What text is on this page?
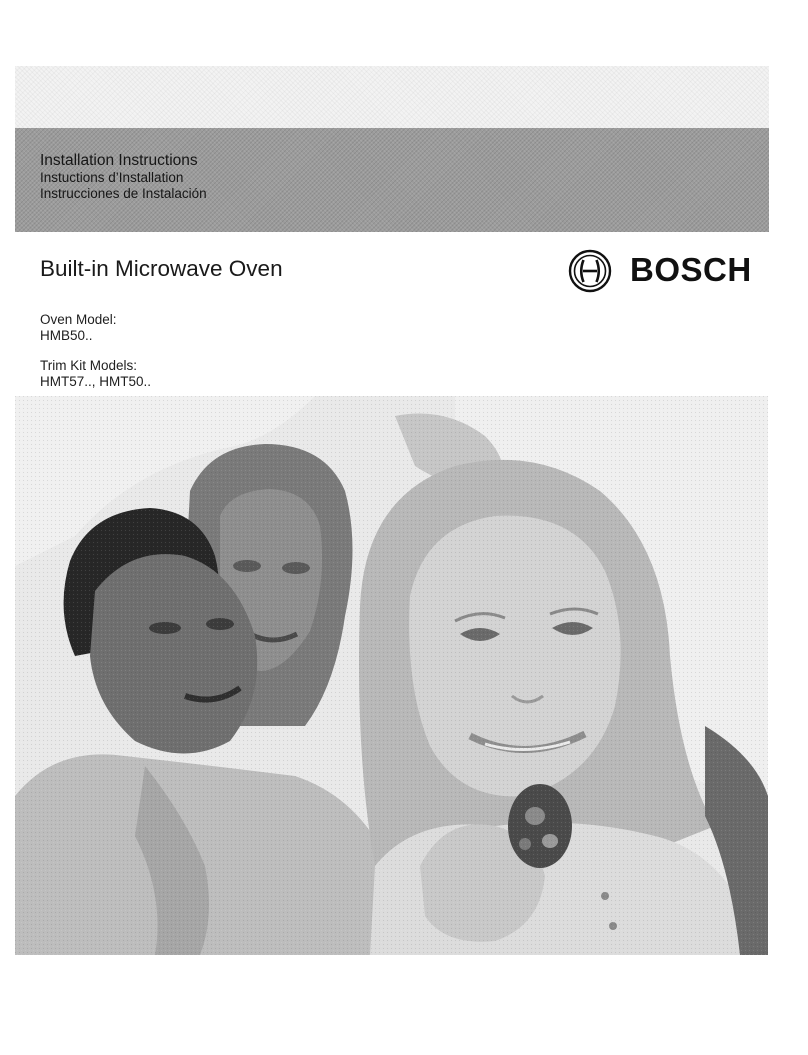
Installation Instructions

Instuctions d’Installation

Instrucciones de Instalación

Built-in Microwave Oven	BOSCH

Oven Model:

HMB50..

Trim Kit Models:

HMT57.., HMT50..
